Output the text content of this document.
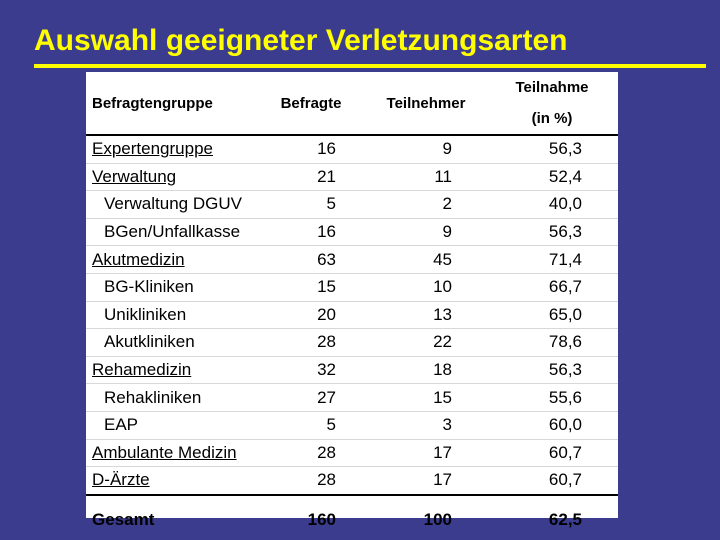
Auswahl geeigneter Verletzungsarten
Befragtengruppe	Befragte	Teilnehmer	Teilnahme
(in %)

Expertengruppe	16	9	56,3
Verwaltung	21	11	52,4
Verwaltung DGUV	5	2	40,0
BGen/Unfallkasse	16	9	56,3
Akutmedizin	63	45	71,4
BG-Kliniken	15	10	66,7
Unikliniken	20	13	65,0
Akutkliniken	28	22	78,6
Rehamedizin	32	18	56,3
Rehakliniken	27	15	55,6
EAP	5	3	60,0
Ambulante Medizin	28	17	60,7
D-Ärzte	28	17	60,7
Gesamt	160	100	62,5
